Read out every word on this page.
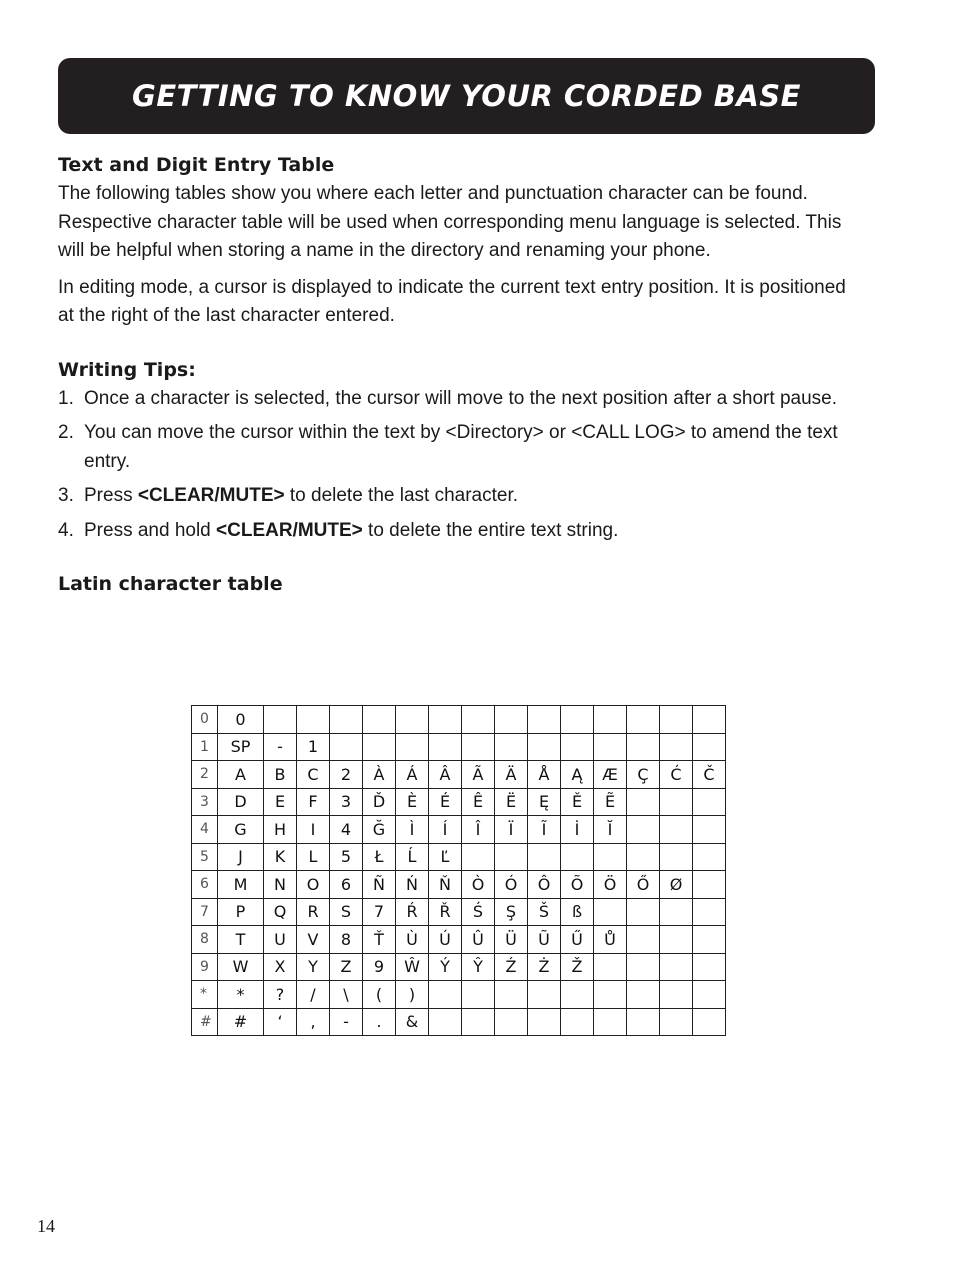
GETTING TO KNOW YOUR CORDED BASE
Text and Digit Entry Table

The following tables show you where each letter and punctuation character can be found. Respective character table will be used when corresponding menu language is selected. This will be helpful when storing a name in the directory and renaming your phone.

In editing mode, a cursor is displayed to indicate the current text entry position. It is positioned at the right of the last character entered.

Writing Tips:
1. Once a character is selected, the cursor will move to the next position after a short pause.
2. You can move the cursor within the text by <Directory> or <CALL LOG> to amend the text entry.
3. Press <CLEAR/MUTE> to delete the last character.
4. Press and hold <CLEAR/MUTE> to delete the entire text string.
Latin character table
0	0														
1	SP	-	1												
2	A	B	C	2	À	Á	Â	Ã	Ä	Å	Ą	Æ	Ç	Ć	Č
3	D	E	F	3	Ď	È	É	Ê	Ë	Ę	Ě	Ẽ			
4	G	H	I	4	Ğ	Ì	Í	Î	Ï	Ĩ	İ	Ĭ			
5	J	K	L	5	Ł	Ĺ	Ľ								
6	M	N	O	6	Ñ	Ń	Ň	Ò	Ó	Ô	Õ	Ö	Ő	Ø	
7	P	Q	R	S	7	Ŕ	Ř	Ś	Ş	Š	ß				
8	T	U	V	8	Ť	Ù	Ú	Û	Ü	Ũ	Ű	Ů			
9	W	X	Y	Z	9	Ŵ	Ý	Ŷ	Ź	Ż	Ž				
*	*	?	/	\	(	)									
#	#	‘	,	-	.	&									
14
